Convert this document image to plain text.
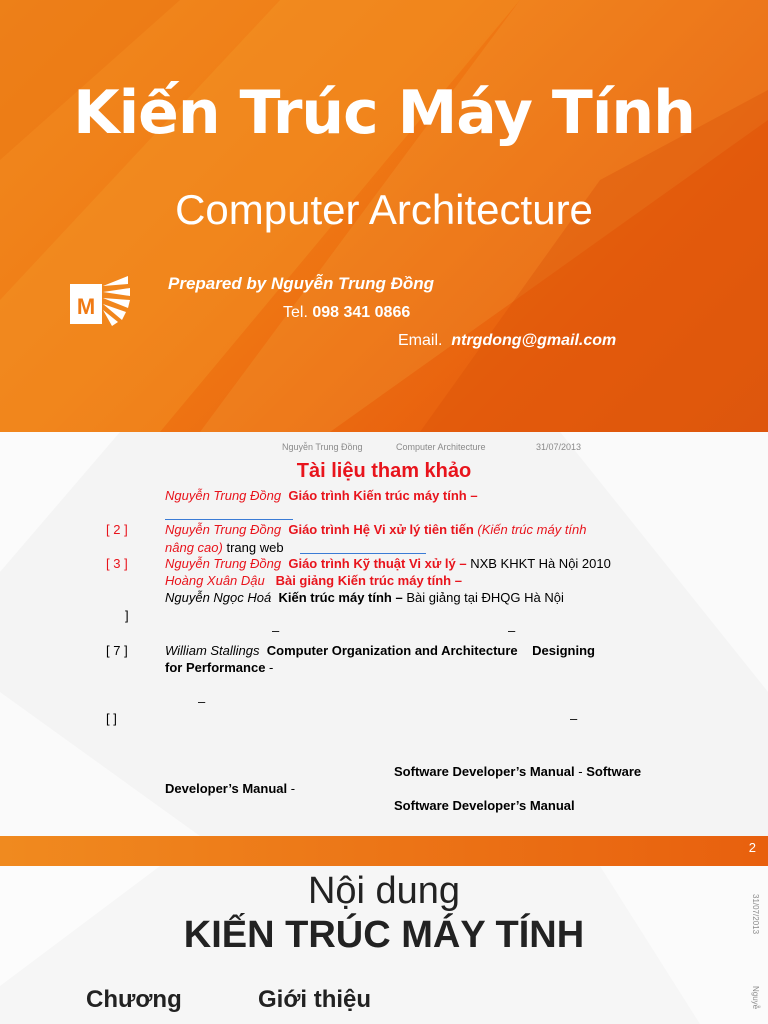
Kiến Trúc Máy Tính
Computer Architecture
M
Prepared by Nguyễn Trung Đồng
Tel. 098 341 0866
Email. ntrgdong@gmail.com
Nguyễn Trung Đồng	Computer Architecture	31/07/2013
Tài liệu tham khảo
Nguyễn Trung Đồng Giáo trình Kiến trúc máy tính –
[ 2 ]	Nguyễn Trung Đồng Giáo trình Hệ Vi xử lý tiên tiến (Kiến trúc máy tính
nâng cao) trang web
[ 3 ]	Nguyễn Trung Đồng Giáo trình Kỹ thuật Vi xử lý – NXB KHKT Hà Nội 2010
Hoàng Xuân Dậu Bài giảng Kiến trúc máy tính –
Nguyễn Ngọc Hoá Kiến trúc máy tính – Bài giảng tại ĐHQG Hà Nội
]
–	–
[ 7 ]	William Stallings Computer Organization and Architecture Designing
for Performance -
–
[ ]	–
Software Developer’s Manual - Software
Developer’s Manual -
Software Developer’s Manual
2
Nội dung
KIẾN TRÚC MÁY TÍNH
Chương	Giới thiệu
31/07/2013
Nguyễ
